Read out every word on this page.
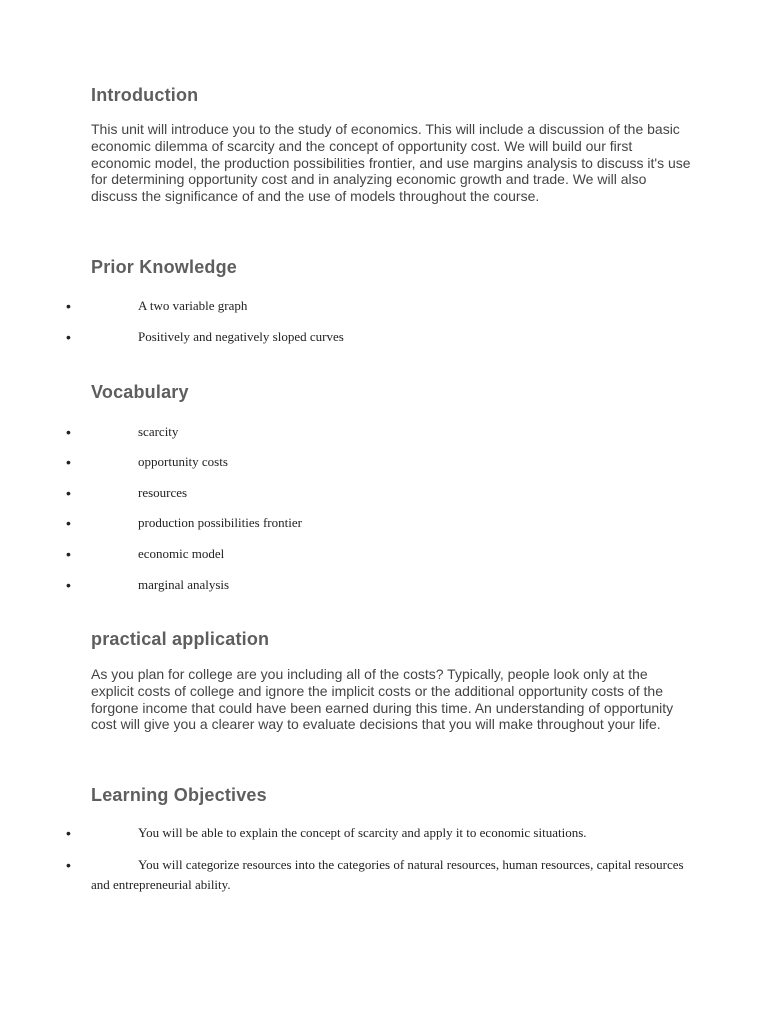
Introduction

This unit will introduce you to the study of economics. This will include a discussion of the basic economic dilemma of scarcity and the concept of opportunity cost. We will build our first economic model, the production possibilities frontier, and use margins analysis to discuss it's use for determining opportunity cost and in analyzing economic growth and trade. We will also discuss the significance of and the use of models throughout the course.

Prior Knowledge
•	A two variable graph
•	Positively and negatively sloped curves
Vocabulary
•	scarcity
•	opportunity costs
•	resources
•	production possibilities frontier
•	economic model
•	marginal analysis
practical application

As you plan for college are you including all of the costs? Typically, people look only at the explicit costs of college and ignore the implicit costs or the additional opportunity costs of the forgone income that could have been earned during this time. An understanding of opportunity cost will give you a clearer way to evaluate decisions that you will make throughout your life.

Learning Objectives
•	You will be able to explain the concept of scarcity and apply it to economic situations.
•	You will categorize resources into the categories of natural resources, human resources, capital resources and entrepreneurial ability.
